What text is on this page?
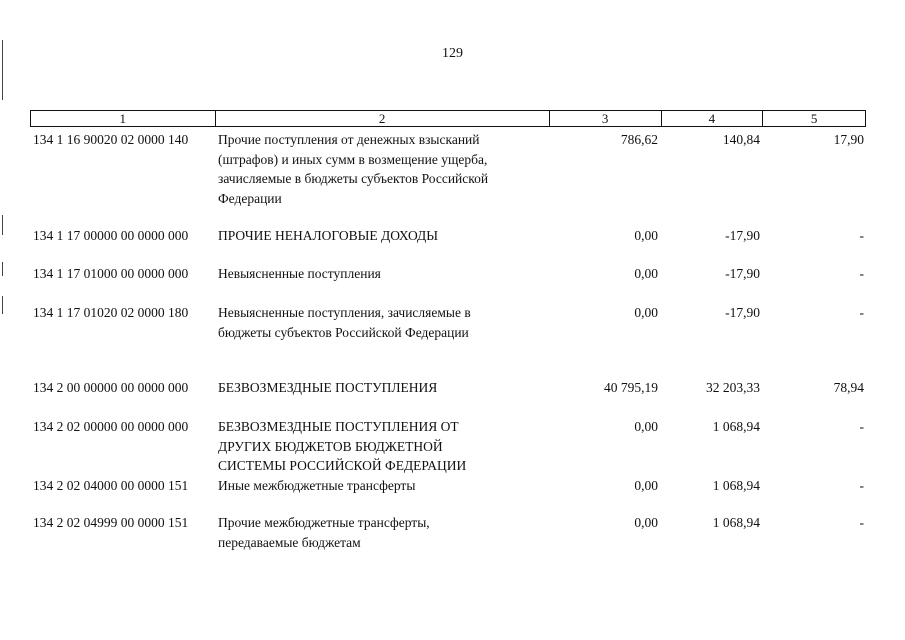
129
1	2	3	4	5
134 1 16 90020 02 0000 140	Прочие поступления от денежных взысканий
(штрафов) и иных сумм в возмещение ущерба,
зачисляемые в бюджеты субъектов Российской
Федерации
786,62	140,84	17,90
134 1 17 00000 00 0000 000	ПРОЧИЕ НЕНАЛОГОВЫЕ ДОХОДЫ	0,00	-17,90	-
134 1 17 01000 00 0000 000	Невыясненные поступления	0,00	-17,90	-
134 1 17 01020 02 0000 180	Невыясненные поступления, зачисляемые в
бюджеты субъектов Российской Федерации
0,00	-17,90	-
134 2 00 00000 00 0000 000	БЕЗВОЗМЕЗДНЫЕ ПОСТУПЛЕНИЯ	40 795,19	32 203,33	78,94
134 2 02 00000 00 0000 000	БЕЗВОЗМЕЗДНЫЕ ПОСТУПЛЕНИЯ ОТ
ДРУГИХ БЮДЖЕТОВ БЮДЖЕТНОЙ
СИСТЕМЫ РОССИЙСКОЙ ФЕДЕРАЦИИ
0,00	1 068,94	-
134 2 02 04000 00 0000 151	Иные межбюджетные трансферты	0,00	1 068,94	-
134 2 02 04999 00 0000 151	Прочие межбюджетные трансферты,
передаваемые бюджетам
0,00	1 068,94	-
